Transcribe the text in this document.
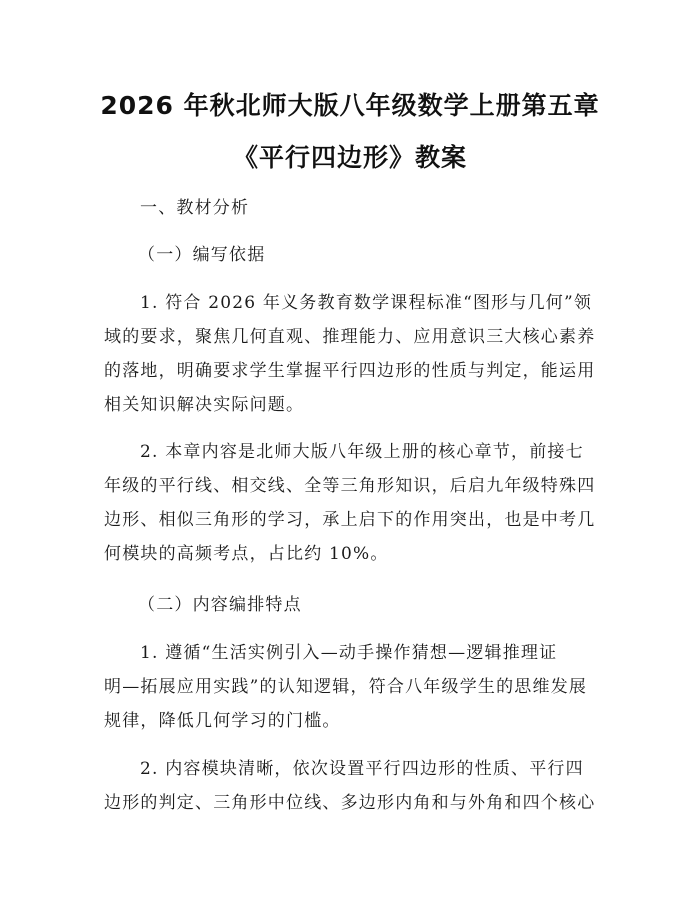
2026 年秋北师大版八年级数学上册第五章
《平行四边形》教案
一、教材分析
（一）编写依据
1. 符合 2026 年义务教育数学课程标准“图形与几何”领
域的要求，聚焦几何直观、推理能力、应用意识三大核心素养
的落地，明确要求学生掌握平行四边形的性质与判定，能运用
相关知识解决实际问题。
2. 本章内容是北师大版八年级上册的核心章节，前接七
年级的平行线、相交线、全等三角形知识，后启九年级特殊四
边形、相似三角形的学习，承上启下的作用突出，也是中考几
何模块的高频考点，占比约 10%。
（二）内容编排特点
1. 遵循“生活实例引入—动手操作猜想—逻辑推理证
明—拓展应用实践”的认知逻辑，符合八年级学生的思维发展
规律，降低几何学习的门槛。
2. 内容模块清晰，依次设置平行四边形的性质、平行四
边形的判定、三角形中位线、多边形内角和与外角和四个核心
